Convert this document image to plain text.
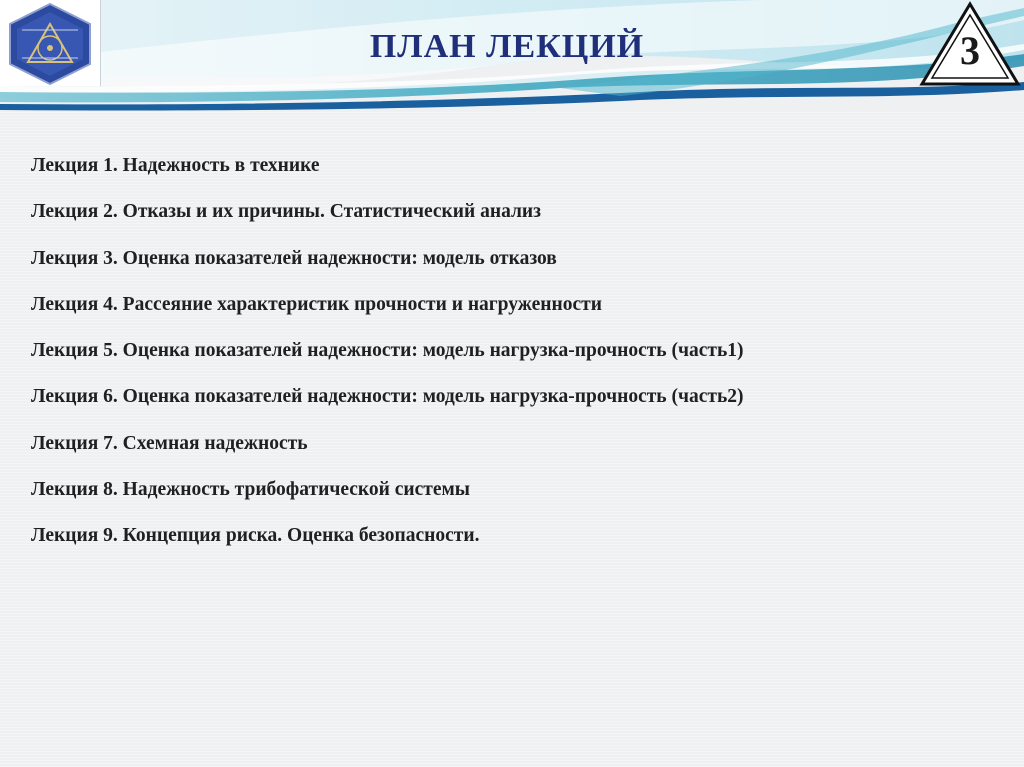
ПЛАН ЛЕКЦИЙ	3
Лекция 1. Надежность в технике
Лекция 2. Отказы и их причины. Статистический анализ
Лекция 3. Оценка показателей надежности: модель отказов
Лекция 4. Рассеяние характеристик прочности и нагруженности
Лекция 5. Оценка показателей надежности: модель нагрузка-прочность (часть1)
Лекция 6. Оценка показателей надежности: модель нагрузка-прочность (часть2)
Лекция 7. Схемная надежность
Лекция 8. Надежность трибофатической системы
Лекция 9. Концепция риска. Оценка безопасности.
